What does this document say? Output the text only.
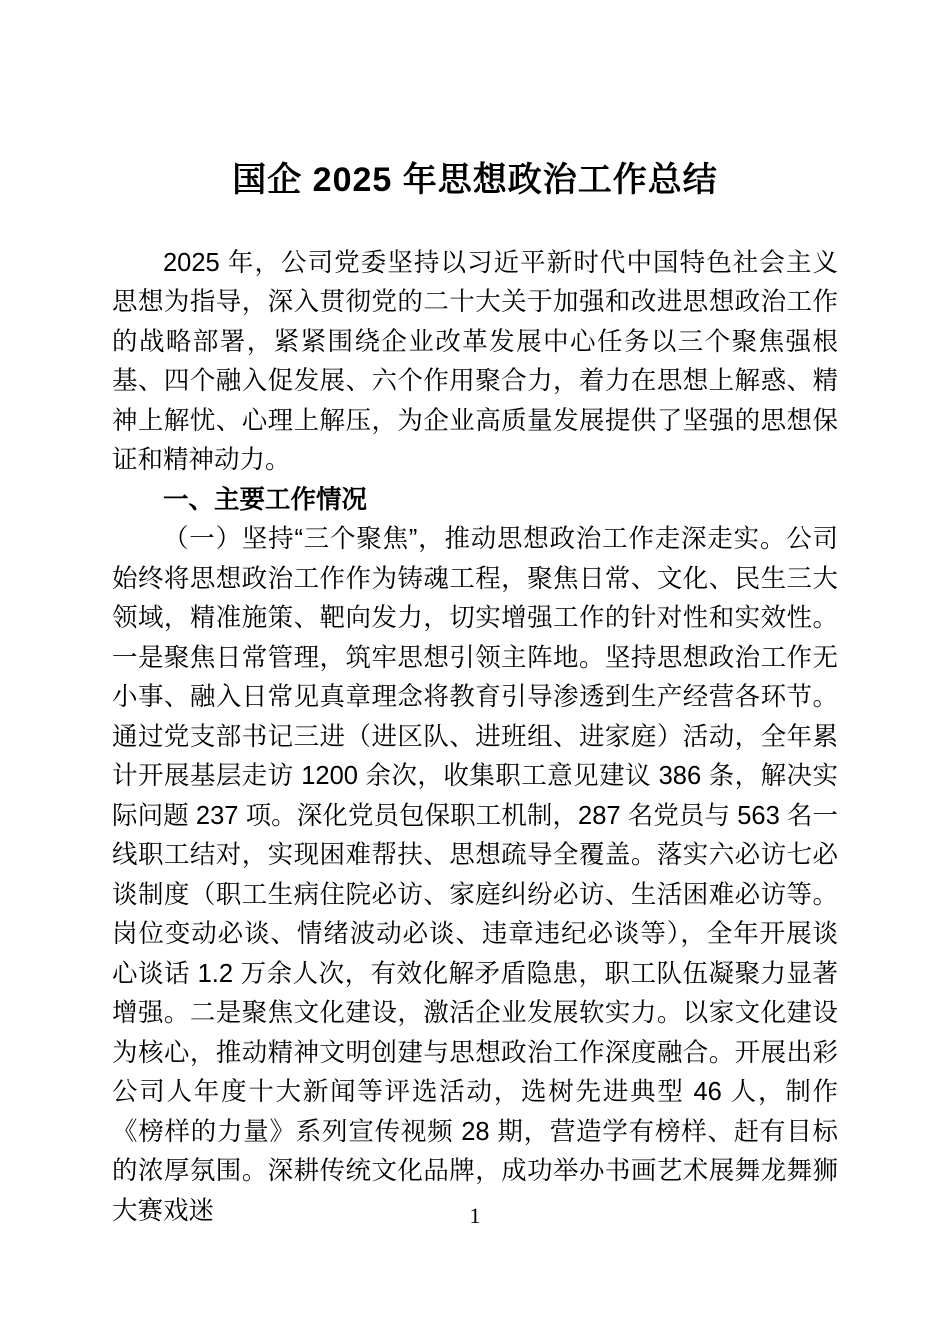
国企 2025 年思想政治工作总结

2025 年，公司党委坚持以习近平新时代中国特色社会主义思想为指导，深入贯彻党的二十大关于加强和改进思想政治工作的战略部署，紧紧围绕企业改革发展中心任务以三个聚焦强根基、四个融入促发展、六个作用聚合力，着力在思想上解惑、精神上解忧、心理上解压，为企业高质量发展提供了坚强的思想保证和精神动力。

一、主要工作情况

（一）坚持“三个聚焦”，推动思想政治工作走深走实。公司始终将思想政治工作作为铸魂工程，聚焦日常、文化、民生三大领域，精准施策、靶向发力，切实增强工作的针对性和实效性。一是聚焦日常管理，筑牢思想引领主阵地。坚持思想政治工作无小事、融入日常见真章理念将教育引导渗透到生产经营各环节。通过党支部书记三进（进区队、进班组、进家庭）活动，全年累计开展基层走访 1200 余次，收集职工意见建议 386 条，解决实际问题 237 项。深化党员包保职工机制，287 名党员与 563 名一线职工结对，实现困难帮扶、思想疏导全覆盖。落实六必访七必谈制度（职工生病住院必访、家庭纠纷必访、生活困难必访等。岗位变动必谈、情绪波动必谈、违章违纪必谈等），全年开展谈心谈话 1.2 万余人次，有效化解矛盾隐患，职工队伍凝聚力显著增强。二是聚焦文化建设，激活企业发展软实力。以家文化建设为核心，推动精神文明创建与思想政治工作深度融合。开展出彩公司人年度十大新闻等评选活动，选树先进典型 46 人，制作《榜样的力量》系列宣传视频 28 期，营造学有榜样、赶有目标的浓厚氛围。深耕传统文化品牌，成功举办书画艺术展舞龙舞狮大赛戏迷	1
